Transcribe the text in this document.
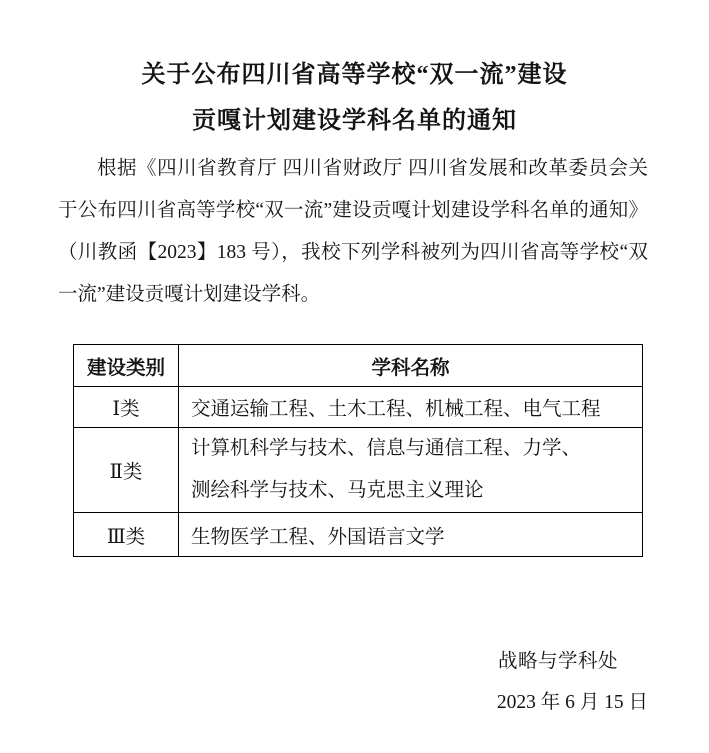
关于公布四川省高等学校“双一流”建设
贡嘎计划建设学科名单的通知
根据《四川省教育厅 四川省财政厅 四川省发展和改革委员会关
于公布四川省高等学校“双一流”建设贡嘎计划建设学科名单的通知》
（川教函【2023】183 号），我校下列学科被列为四川省高等学校“双
一流”建设贡嘎计划建设学科。
建设类别	学科名称
Ⅰ类	交通运输工程、土木工程、机械工程、电气工程
Ⅱ类	计算机科学与技术、信息与通信工程、力学、
测绘科学与技术、马克思主义理论

Ⅲ类	生物医学工程、外国语言文学
战略与学科处
2023 年 6 月 15 日
